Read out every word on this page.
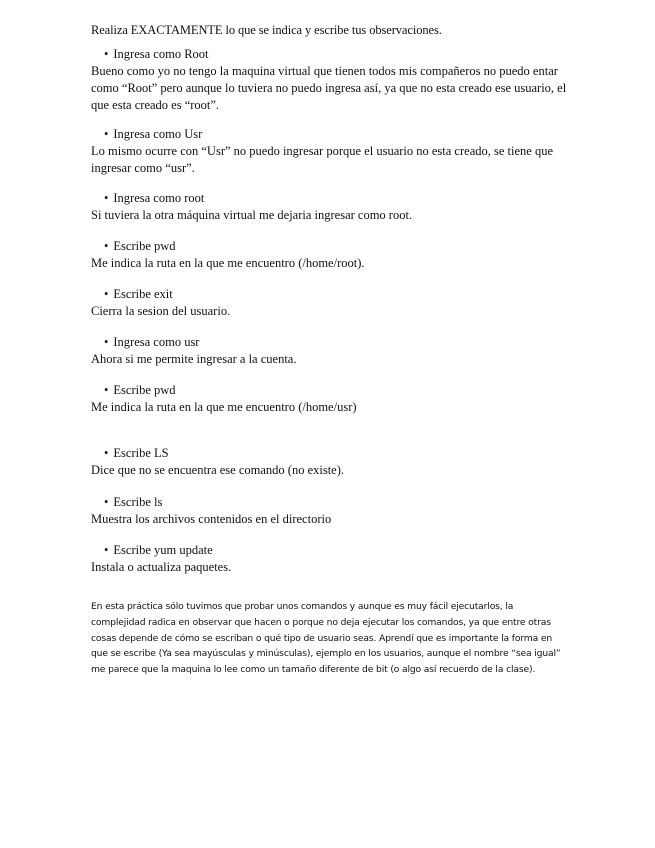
Realiza EXACTAMENTE lo que se indica y escribe tus observaciones.
• Ingresa como Root
Bueno como yo no tengo la maquina virtual que tienen todos mis compañeros no puedo entar como “Root” pero aunque lo tuviera no puedo ingresa así, ya que no esta creado ese usuario, el que esta creado es “root”.
• Ingresa como Usr
Lo mismo ocurre con “Usr” no puedo ingresar porque el usuario no esta creado, se tiene que ingresar como “usr”.
• Ingresa como root
Si tuviera la otra máquina virtual me dejaria ingresar como root.
• Escribe pwd
Me indica la ruta en la que me encuentro (/home/root).
• Escribe exit
Cierra la sesion del usuario.
• Ingresa como usr
Ahora si me permite ingresar a la cuenta.
• Escribe pwd
Me indica la ruta en la que me encuentro (/home/usr)
• Escribe LS
Dice que no se encuentra ese comando (no existe).
• Escribe ls
Muestra los archivos contenidos en el directorio
• Escribe yum update
Instala o actualiza paquetes.
En esta práctica sólo tuvimos que probar unos comandos y aunque es muy fácil ejecutarlos, la complejidad radica en observar que hacen o porque no deja ejecutar los comandos, ya que entre otras cosas depende de cómo se escriban o qué tipo de usuario seas. Aprendí que es importante la forma en que se escribe (Ya sea mayúsculas y minúsculas), ejemplo en los usuarios, aunque el nombre “sea igual” me parece que la maquina lo lee como un tamaño diferente de bit (o algo así recuerdo de la clase).
